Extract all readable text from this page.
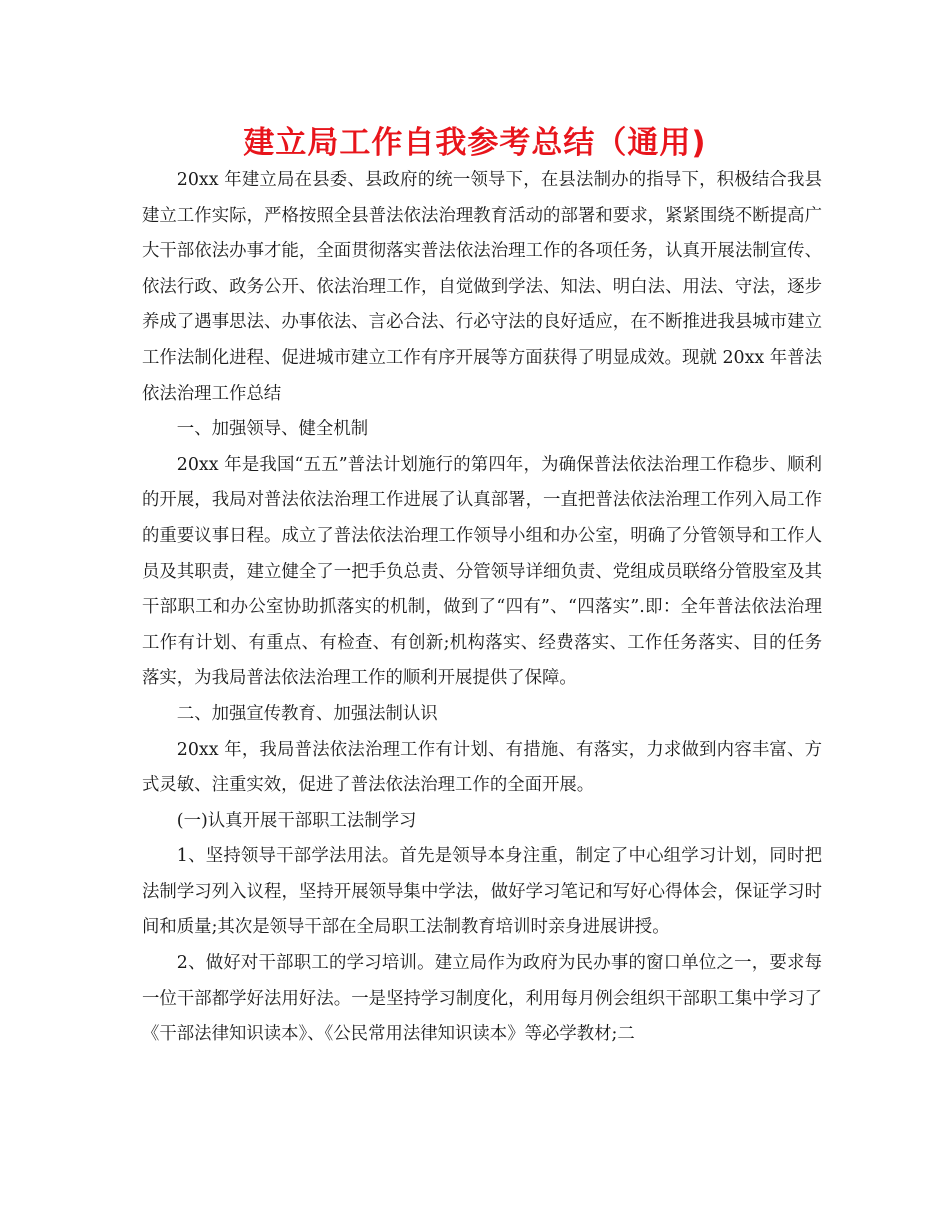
建立局工作自我参考总结（通用)

20xx 年建立局在县委、县政府的统一领导下，在县法制办的指导下，积极结合我县建立工作实际，严格按照全县普法依法治理教育活动的部署和要求，紧紧围绕不断提高广大干部依法办事才能，全面贯彻落实普法依法治理工作的各项任务，认真开展法制宣传、依法行政、政务公开、依法治理工作，自觉做到学法、知法、明白法、用法、守法，逐步养成了遇事思法、办事依法、言必合法、行必守法的良好适应，在不断推进我县城市建立工作法制化进程、促进城市建立工作有序开展等方面获得了明显成效。现就 20xx 年普法依法治理工作总结

一、加强领导、健全机制

20xx 年是我国“五五”普法计划施行的第四年，为确保普法依法治理工作稳步、顺利的开展，我局对普法依法治理工作进展了认真部署，一直把普法依法治理工作列入局工作的重要议事日程。成立了普法依法治理工作领导小组和办公室，明确了分管领导和工作人员及其职责，建立健全了一把手负总责、分管领导详细负责、党组成员联络分管股室及其干部职工和办公室协助抓落实的机制，做到了“四有”、“四落实”.即：全年普法依法治理工作有计划、有重点、有检查、有创新;机构落实、经费落实、工作任务落实、目的任务落实，为我局普法依法治理工作的顺利开展提供了保障。

二、加强宣传教育、加强法制认识

20xx 年，我局普法依法治理工作有计划、有措施、有落实，力求做到内容丰富、方式灵敏、注重实效，促进了普法依法治理工作的全面开展。

(一)认真开展干部职工法制学习

1、坚持领导干部学法用法。首先是领导本身注重，制定了中心组学习计划，同时把法制学习列入议程，坚持开展领导集中学法，做好学习笔记和写好心得体会，保证学习时间和质量;其次是领导干部在全局职工法制教育培训时亲身进展讲授。

2、做好对干部职工的学习培训。建立局作为政府为民办事的窗口单位之一，要求每一位干部都学好法用好法。一是坚持学习制度化，利用每月例会组织干部职工集中学习了《干部法律知识读本》、《公民常用法律知识读本》等必学教材;二
